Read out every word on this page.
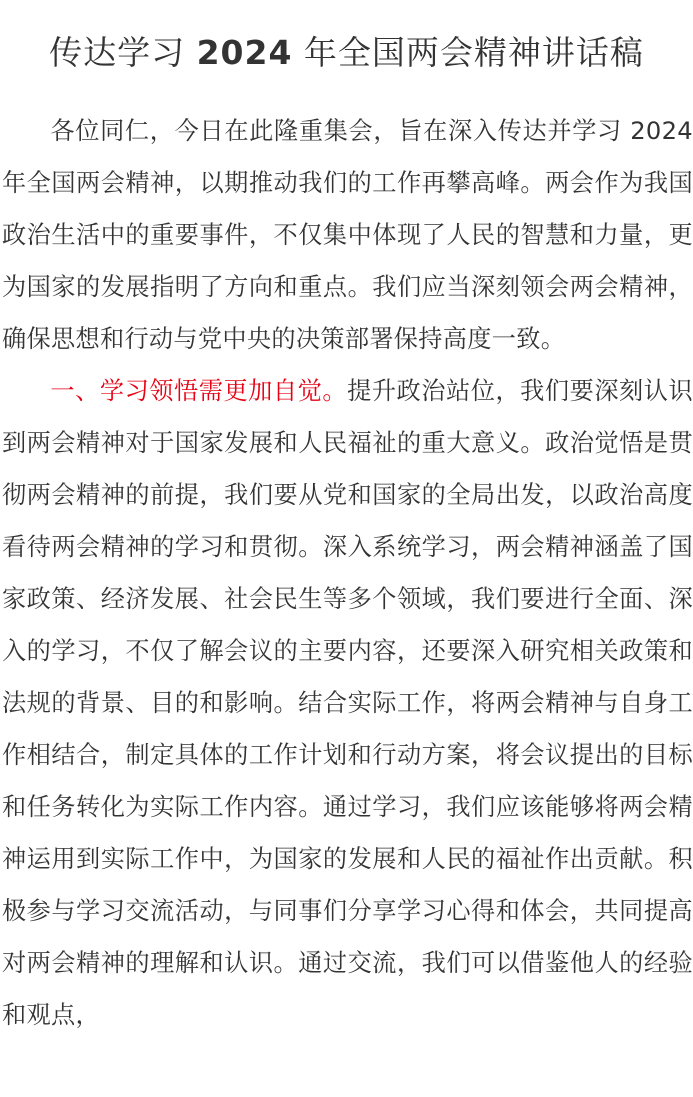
传达学习 2024 年全国两会精神讲话稿

各位同仁，今日在此隆重集会，旨在深入传达并学习 2024 年全国两会精神，以期推动我们的工作再攀高峰。两会作为我国政治生活中的重要事件，不仅集中体现了人民的智慧和力量，更为国家的发展指明了方向和重点。我们应当深刻领会两会精神，确保思想和行动与党中央的决策部署保持高度一致。

一、学习领悟需更加自觉。提升政治站位，我们要深刻认识到两会精神对于国家发展和人民福祉的重大意义。政治觉悟是贯彻两会精神的前提，我们要从党和国家的全局出发，以政治高度看待两会精神的学习和贯彻。深入系统学习，两会精神涵盖了国家政策、经济发展、社会民生等多个领域，我们要进行全面、深入的学习，不仅了解会议的主要内容，还要深入研究相关政策和法规的背景、目的和影响。结合实际工作，将两会精神与自身工作相结合，制定具体的工作计划和行动方案，将会议提出的目标和任务转化为实际工作内容。通过学习，我们应该能够将两会精神运用到实际工作中，为国家的发展和人民的福祉作出贡献。积极参与学习交流活动，与同事们分享学习心得和体会，共同提高对两会精神的理解和认识。通过交流，我们可以借鉴他人的经验和观点，
